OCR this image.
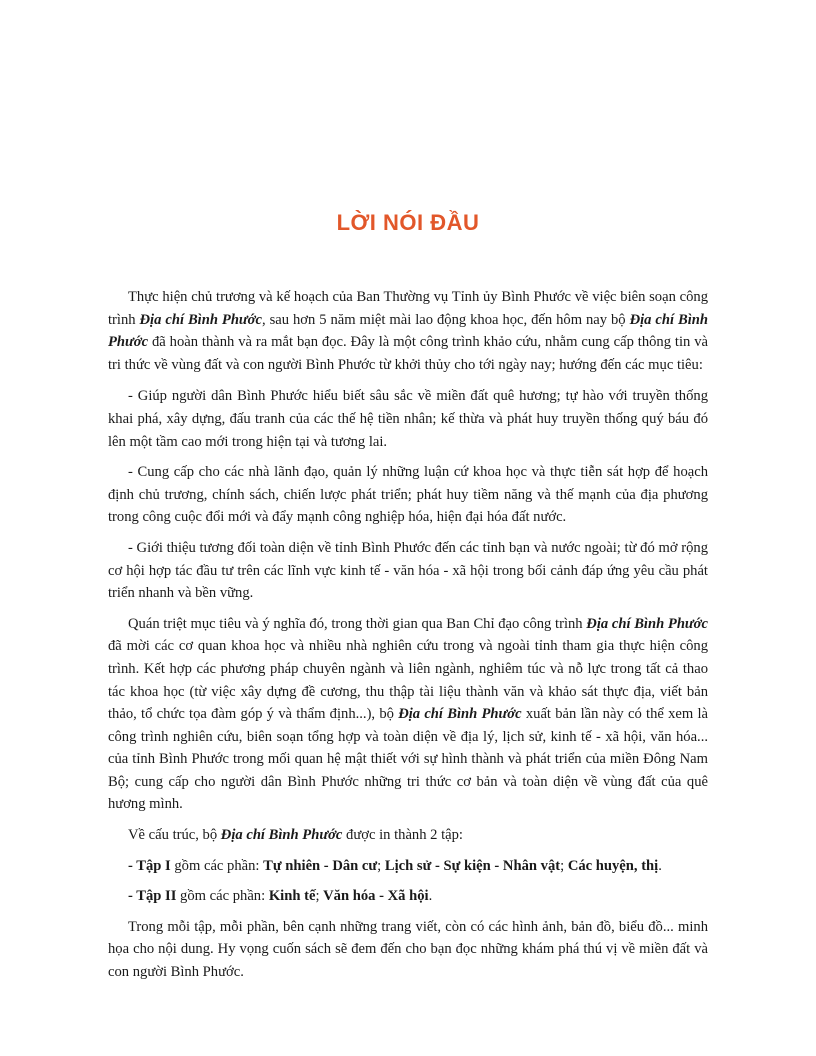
LỜI NÓI ĐẦU

Thực hiện chủ trương và kế hoạch của Ban Thường vụ Tỉnh ủy Bình Phước về việc biên soạn công trình Địa chí Bình Phước, sau hơn 5 năm miệt mài lao động khoa học, đến hôm nay bộ Địa chí Bình Phước đã hoàn thành và ra mắt bạn đọc. Đây là một công trình khảo cứu, nhằm cung cấp thông tin và tri thức về vùng đất và con người Bình Phước từ khởi thủy cho tới ngày nay; hướng đến các mục tiêu:

- Giúp người dân Bình Phước hiểu biết sâu sắc về miền đất quê hương; tự hào với truyền thống khai phá, xây dựng, đấu tranh của các thế hệ tiền nhân; kế thừa và phát huy truyền thống quý báu đó lên một tầm cao mới trong hiện tại và tương lai.

- Cung cấp cho các nhà lãnh đạo, quản lý những luận cứ khoa học và thực tiễn sát hợp để hoạch định chủ trương, chính sách, chiến lược phát triển; phát huy tiềm năng và thế mạnh của địa phương trong công cuộc đổi mới và đẩy mạnh công nghiệp hóa, hiện đại hóa đất nước.

- Giới thiệu tương đối toàn diện về tỉnh Bình Phước đến các tỉnh bạn và nước ngoài; từ đó mở rộng cơ hội hợp tác đầu tư trên các lĩnh vực kinh tế - văn hóa - xã hội trong bối cảnh đáp ứng yêu cầu phát triển nhanh và bền vững.

Quán triệt mục tiêu và ý nghĩa đó, trong thời gian qua Ban Chỉ đạo công trình Địa chí Bình Phước đã mời các cơ quan khoa học và nhiều nhà nghiên cứu trong và ngoài tỉnh tham gia thực hiện công trình. Kết hợp các phương pháp chuyên ngành và liên ngành, nghiêm túc và nỗ lực trong tất cả thao tác khoa học (từ việc xây dựng đề cương, thu thập tài liệu thành văn và khảo sát thực địa, viết bản thảo, tổ chức tọa đàm góp ý và thẩm định...), bộ Địa chí Bình Phước xuất bản lần này có thể xem là công trình nghiên cứu, biên soạn tổng hợp và toàn diện về địa lý, lịch sử, kinh tế - xã hội, văn hóa... của tỉnh Bình Phước trong mối quan hệ mật thiết với sự hình thành và phát triển của miền Đông Nam Bộ; cung cấp cho người dân Bình Phước những tri thức cơ bản và toàn diện về vùng đất của quê hương mình.

Về cấu trúc, bộ Địa chí Bình Phước được in thành 2 tập:

- Tập I gồm các phần: Tự nhiên - Dân cư; Lịch sử - Sự kiện - Nhân vật; Các huyện, thị.

- Tập II gồm các phần: Kinh tế; Văn hóa - Xã hội.

Trong mỗi tập, mỗi phần, bên cạnh những trang viết, còn có các hình ảnh, bản đồ, biểu đồ... minh họa cho nội dung. Hy vọng cuốn sách sẽ đem đến cho bạn đọc những khám phá thú vị về miền đất và con người Bình Phước.
